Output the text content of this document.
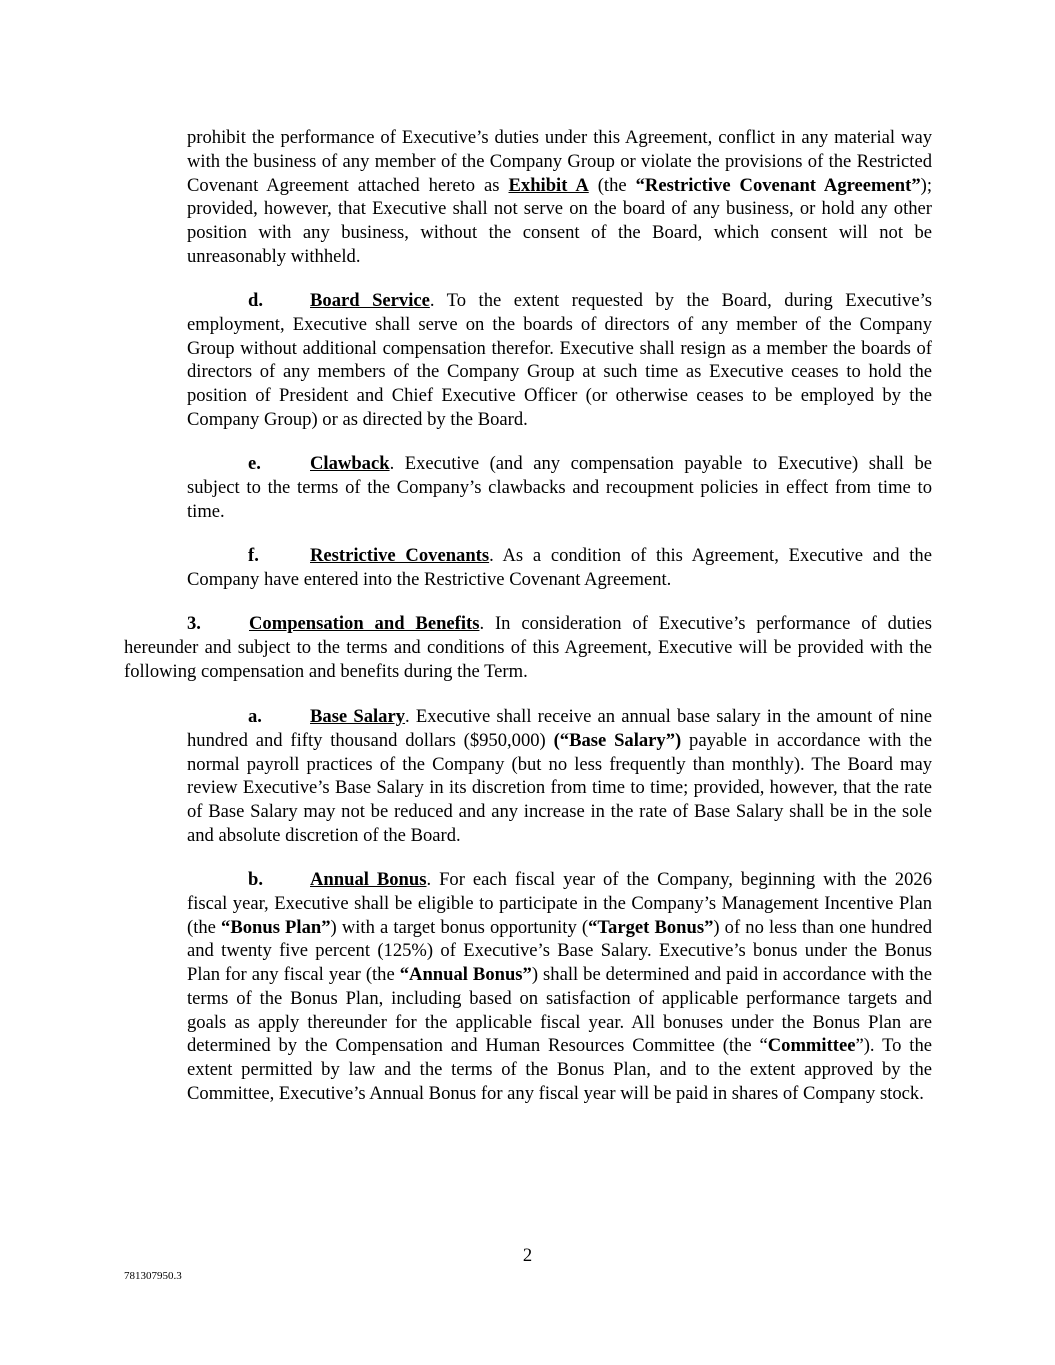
prohibit the performance of Executive’s duties under this Agreement, conflict in any material way with the business of any member of the Company Group or violate the provisions of the Restricted Covenant Agreement attached hereto as Exhibit A (the “Restrictive Covenant Agreement”); provided, however, that Executive shall not serve on the board of any business, or hold any other position with any business, without the consent of the Board, which consent will not be unreasonably withheld.

d.	Board Service. To the extent requested by the Board, during Executive’s employment, Executive shall serve on the boards of directors of any member of the Company Group without additional compensation therefor. Executive shall resign as a member the boards of directors of any members of the Company Group at such time as Executive ceases to hold the position of President and Chief Executive Officer (or otherwise ceases to be employed by the Company Group) or as directed by the Board.

e.	Clawback. Executive (and any compensation payable to Executive) shall be subject to the terms of the Company’s clawbacks and recoupment policies in effect from time to time.

f.	Restrictive Covenants. As a condition of this Agreement, Executive and the Company have entered into the Restrictive Covenant Agreement.

3.	Compensation and Benefits. In consideration of Executive’s performance of duties hereunder and subject to the terms and conditions of this Agreement, Executive will be provided with the following compensation and benefits during the Term.

a.	Base Salary. Executive shall receive an annual base salary in the amount of nine hundred and fifty thousand dollars ($950,000) (“Base Salary”) payable in accordance with the normal payroll practices of the Company (but no less frequently than monthly). The Board may review Executive’s Base Salary in its discretion from time to time; provided, however, that the rate of Base Salary may not be reduced and any increase in the rate of Base Salary shall be in the sole and absolute discretion of the Board.

b.	Annual Bonus. For each fiscal year of the Company, beginning with the 2026 fiscal year, Executive shall be eligible to participate in the Company’s Management Incentive Plan (the “Bonus Plan”) with a target bonus opportunity (“Target Bonus”) of no less than one hundred and twenty five percent (125%) of Executive’s Base Salary. Executive’s bonus under the Bonus Plan for any fiscal year (the “Annual Bonus”) shall be determined and paid in accordance with the terms of the Bonus Plan, including based on satisfaction of applicable performance targets and goals as apply thereunder for the applicable fiscal year. All bonuses under the Bonus Plan are determined by the Compensation and Human Resources Committee (the “Committee”). To the extent permitted by law and the terms of the Bonus Plan, and to the extent approved by the Committee, Executive’s Annual Bonus for any fiscal year will be paid in shares of Company stock.

2
781307950.3
